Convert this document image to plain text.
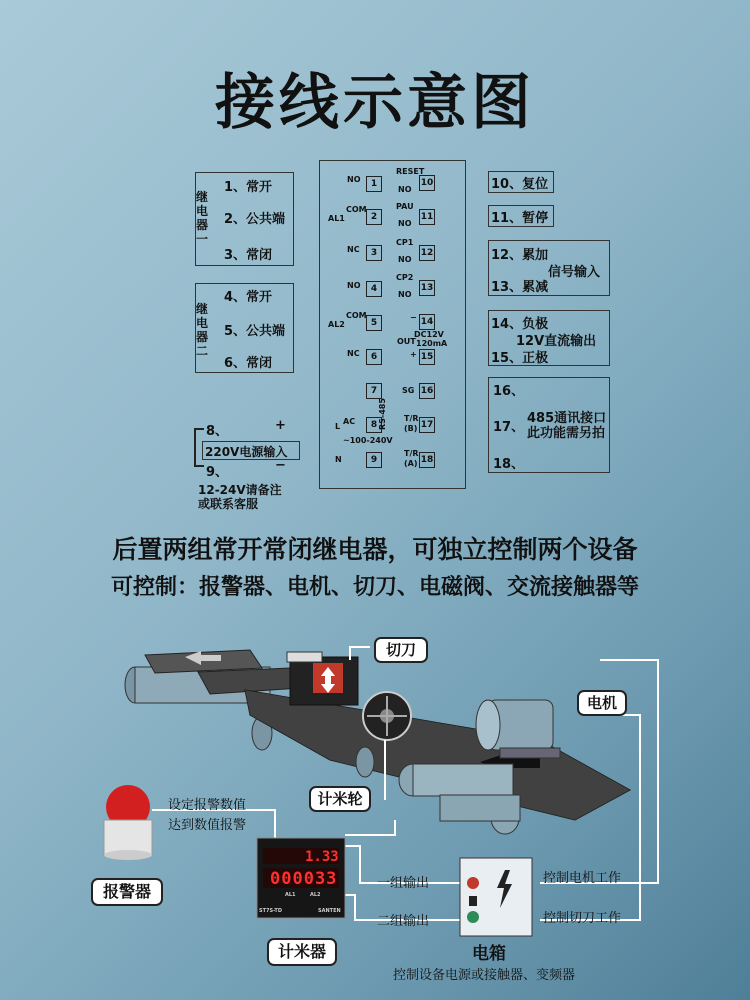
接线示意图
继电器一
1、常开
2、公共端
3、常闭
继电器二
4、常开
5、公共端
6、常闭
8、	+
220V电源输入
9、	−
12-24V请备注
或联系客服
1
2
3
4
5
6
7
8
9
NO
COM
AL1
NC
NO
COM
AL2
NC
AC
L
~100-240V
N
10
11
12
13
14
15
16
17
18
RESET
NO
PAU
NO
CP1
NO
CP2
NO
−
DC12V
OUT 120mA
+
SG
T/R
(B)
T/R
(A)
RS-485
10、复位
11、暂停
12、累加
信号输入
13、累减
14、负极
12V直流输出
15、正极
16、
17、
485通讯接口
此功能需另拍
18、
后置两组常开常闭继电器，可独立控制两个设备
可控制：报警器、电机、切刀、电磁阀、交流接触器等
1.33
000033
AL1	AL2
ST7S-TD	SANTEN
切刀
电机
计米轮
报警器
计米器	电箱
设定报警数值
达到数值报警
一组输出
二组输出
控制电机工作
控制切刀工作
控制设备电源或接触器、变频器
